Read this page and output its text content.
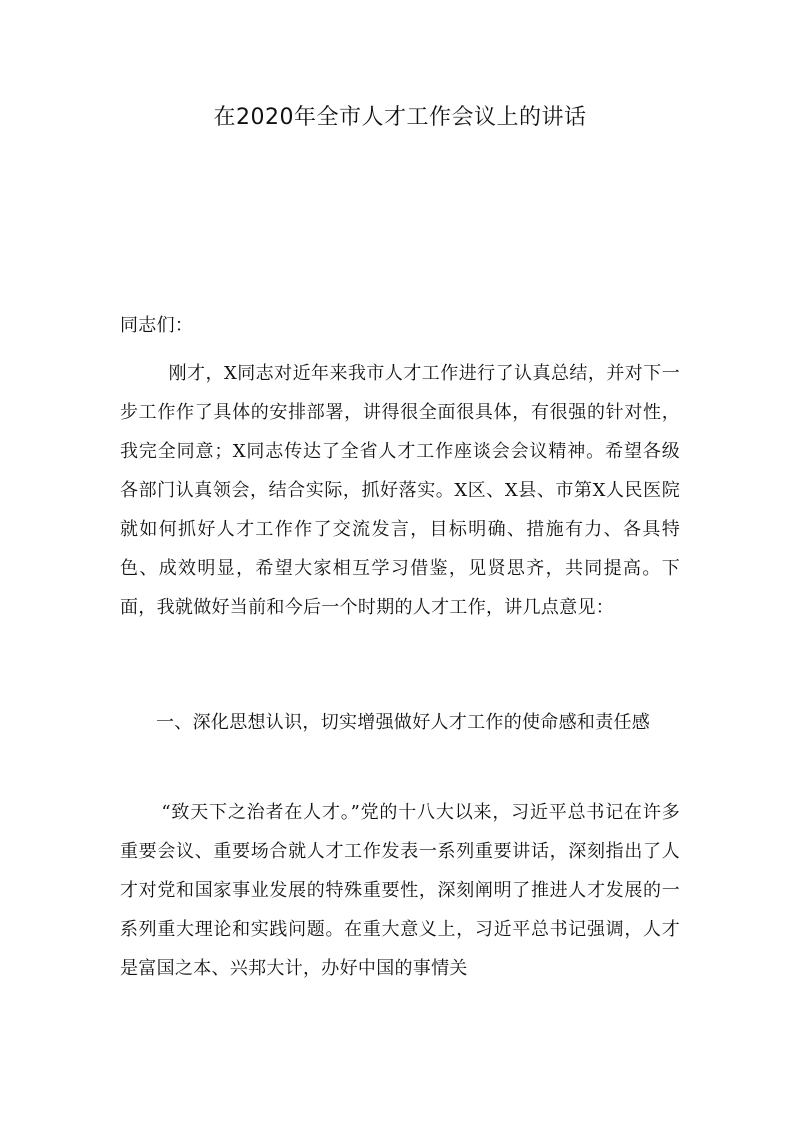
在2020年全市人才工作会议上的讲话
同志们：
刚才，X同志对近年来我市人才工作进行了认真总结，并对下一步工作作了具体的安排部署，讲得很全面很具体，有很强的针对性，我完全同意；X同志传达了全省人才工作座谈会会议精神。希望各级各部门认真领会，结合实际，抓好落实。X区、X县、市第X人民医院就如何抓好人才工作作了交流发言，目标明确、措施有力、各具特色、成效明显，希望大家相互学习借鉴，见贤思齐，共同提高。下面，我就做好当前和今后一个时期的人才工作，讲几点意见：
一、深化思想认识，切实增强做好人才工作的使命感和责任感
“致天下之治者在人才。”党的十八大以来，习近平总书记在许多重要会议、重要场合就人才工作发表一系列重要讲话，深刻指出了人才对党和国家事业发展的特殊重要性，深刻阐明了推进人才发展的一系列重大理论和实践问题。在重大意义上，习近平总书记强调，人才是富国之本、兴邦大计，办好中国的事情关
